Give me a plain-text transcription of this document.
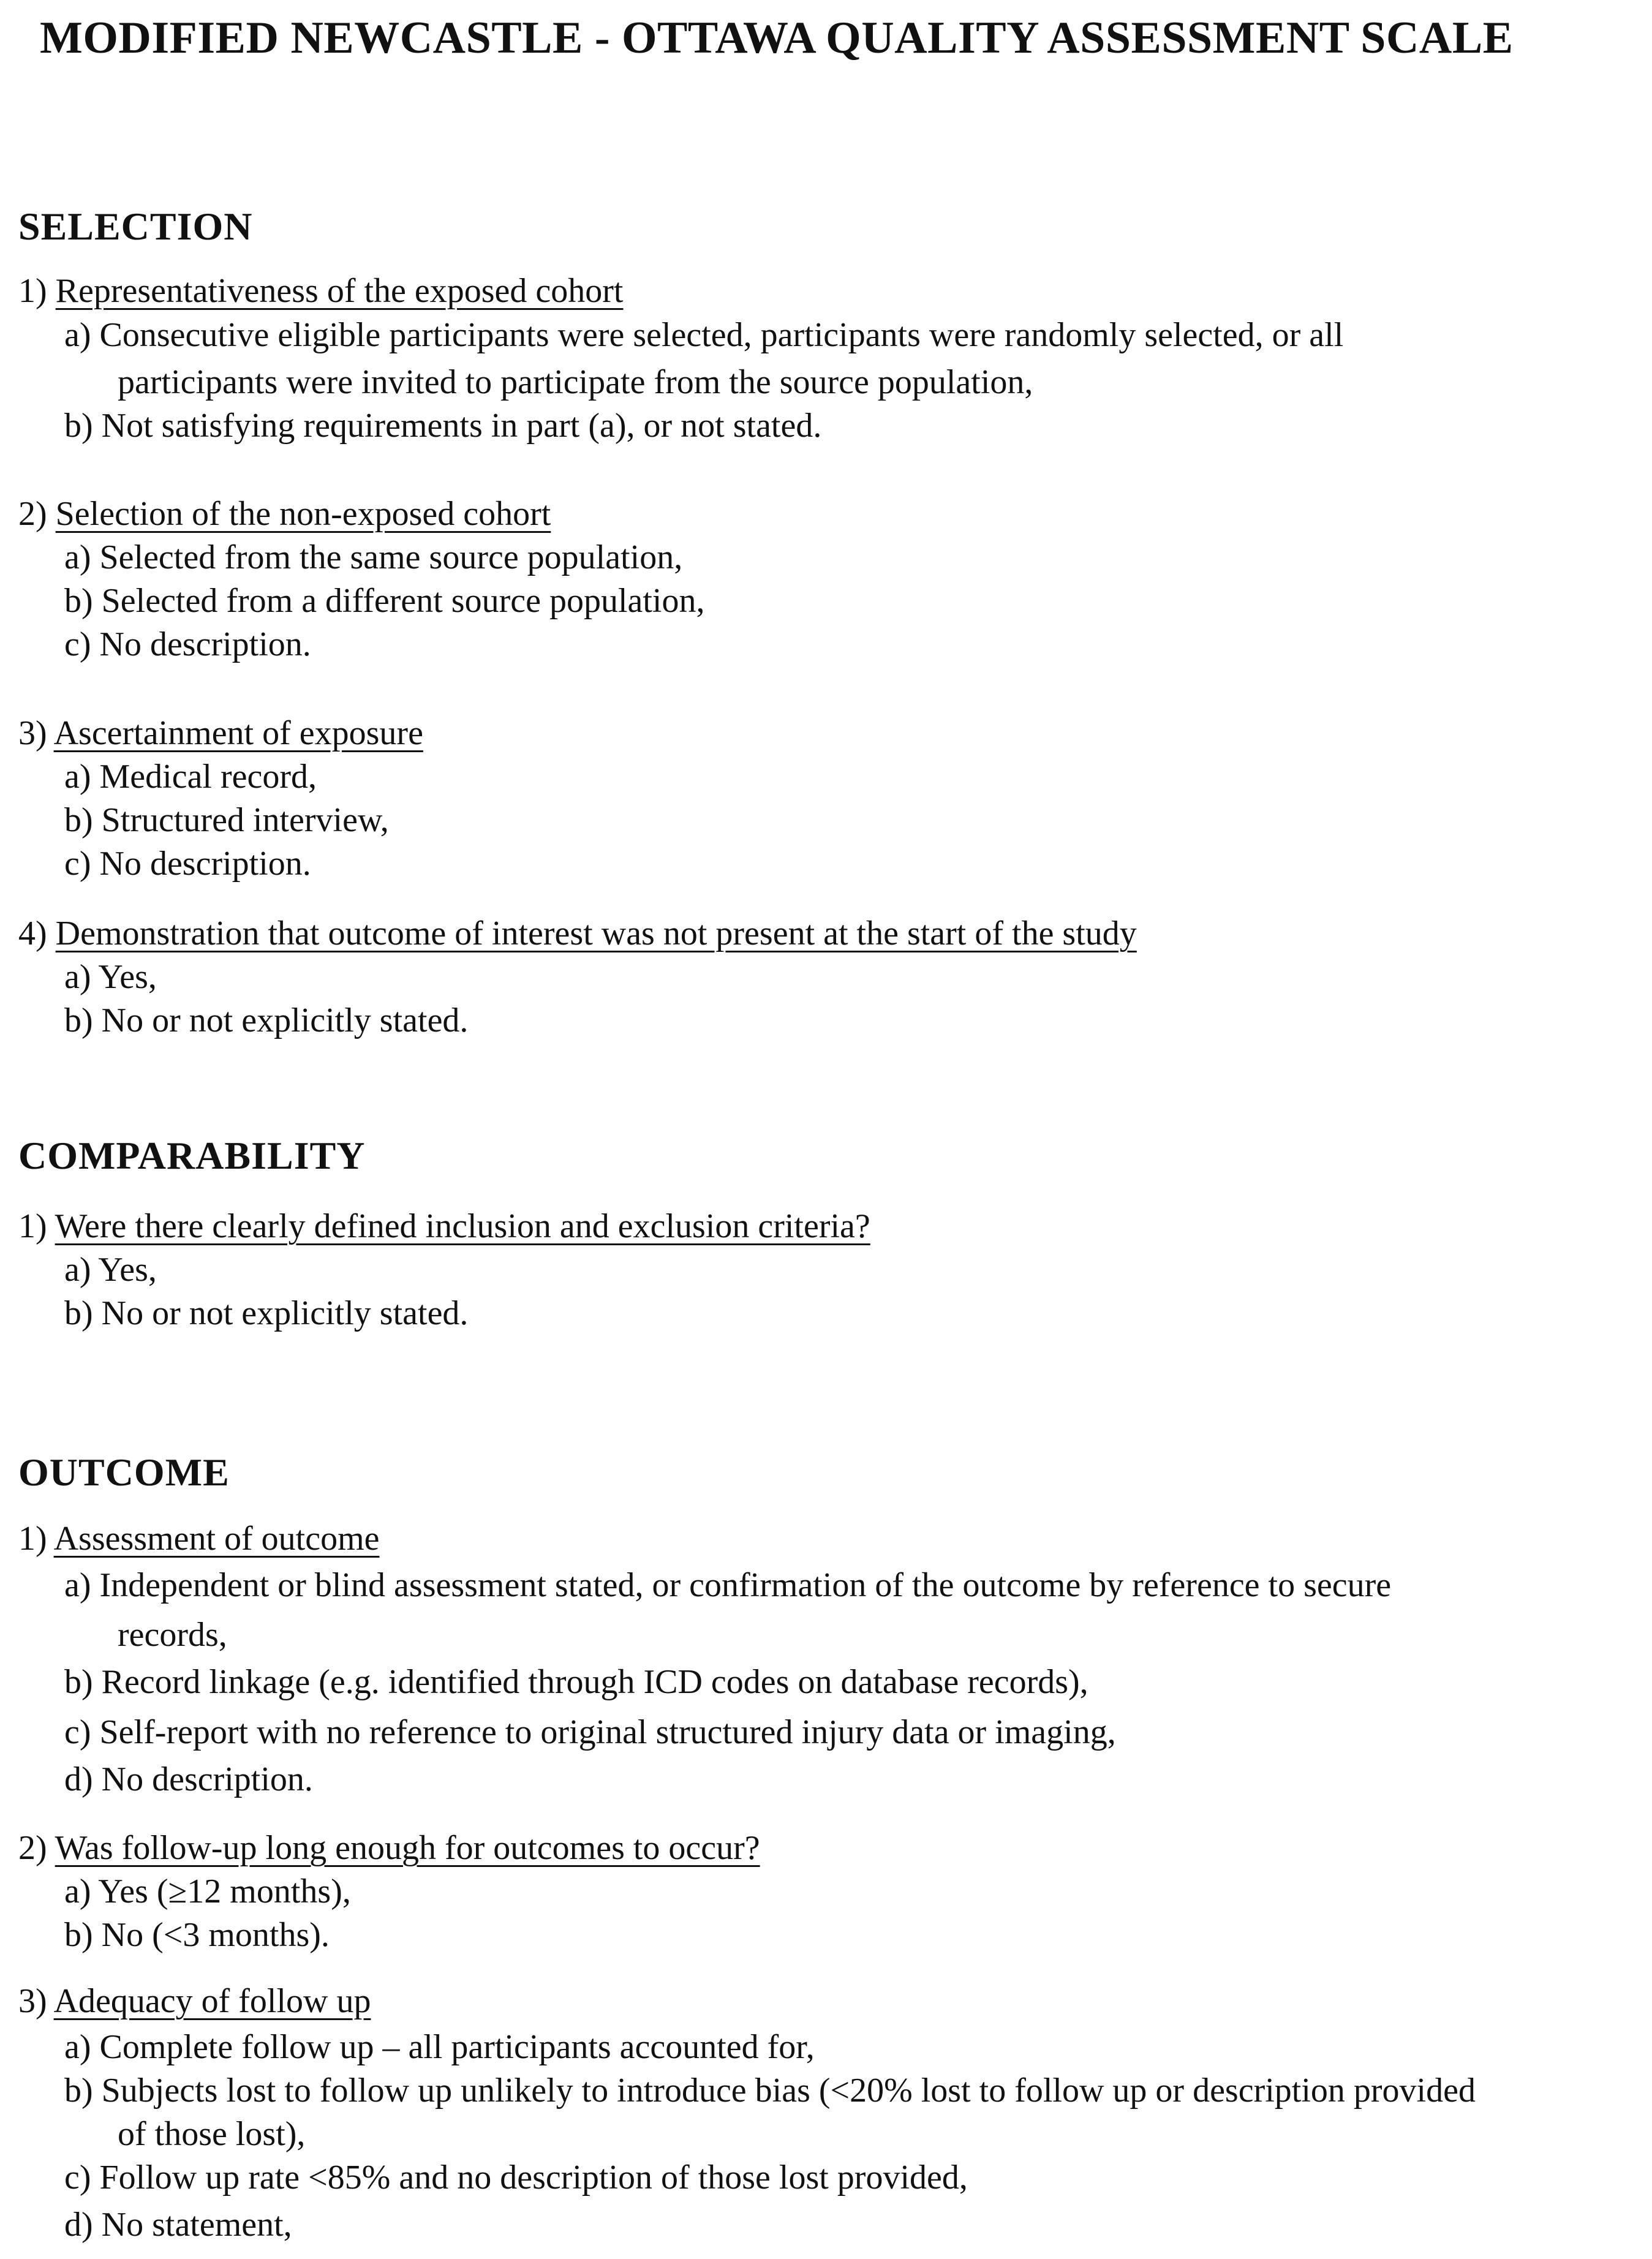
MODIFIED NEWCASTLE - OTTAWA QUALITY ASSESSMENT SCALE
SELECTION
1) Representativeness of the exposed cohort
a) Consecutive eligible participants were selected, participants were randomly selected, or all
participants were invited to participate from the source population,
b) Not satisfying requirements in part (a), or not stated.
2) Selection of the non-exposed cohort
a) Selected from the same source population,
b) Selected from a different source population,
c) No description.
3) Ascertainment of exposure
a) Medical record,
b) Structured interview,
c) No description.
4) Demonstration that outcome of interest was not present at the start of the study
a) Yes,
b) No or not explicitly stated.
COMPARABILITY
1) Were there clearly defined inclusion and exclusion criteria?
a) Yes,
b) No or not explicitly stated.
OUTCOME
1) Assessment of outcome
a) Independent or blind assessment stated, or confirmation of the outcome by reference to secure
records,
b) Record linkage (e.g. identified through ICD codes on database records),
c) Self-report with no reference to original structured injury data or imaging,
d) No description.
2) Was follow-up long enough for outcomes to occur?
a) Yes (≥12 months),
b) No (<3 months).
3) Adequacy of follow up
a) Complete follow up – all participants accounted for,
b) Subjects lost to follow up unlikely to introduce bias (<20% lost to follow up or description provided
of those lost),
c) Follow up rate <85% and no description of those lost provided,
d) No statement,
